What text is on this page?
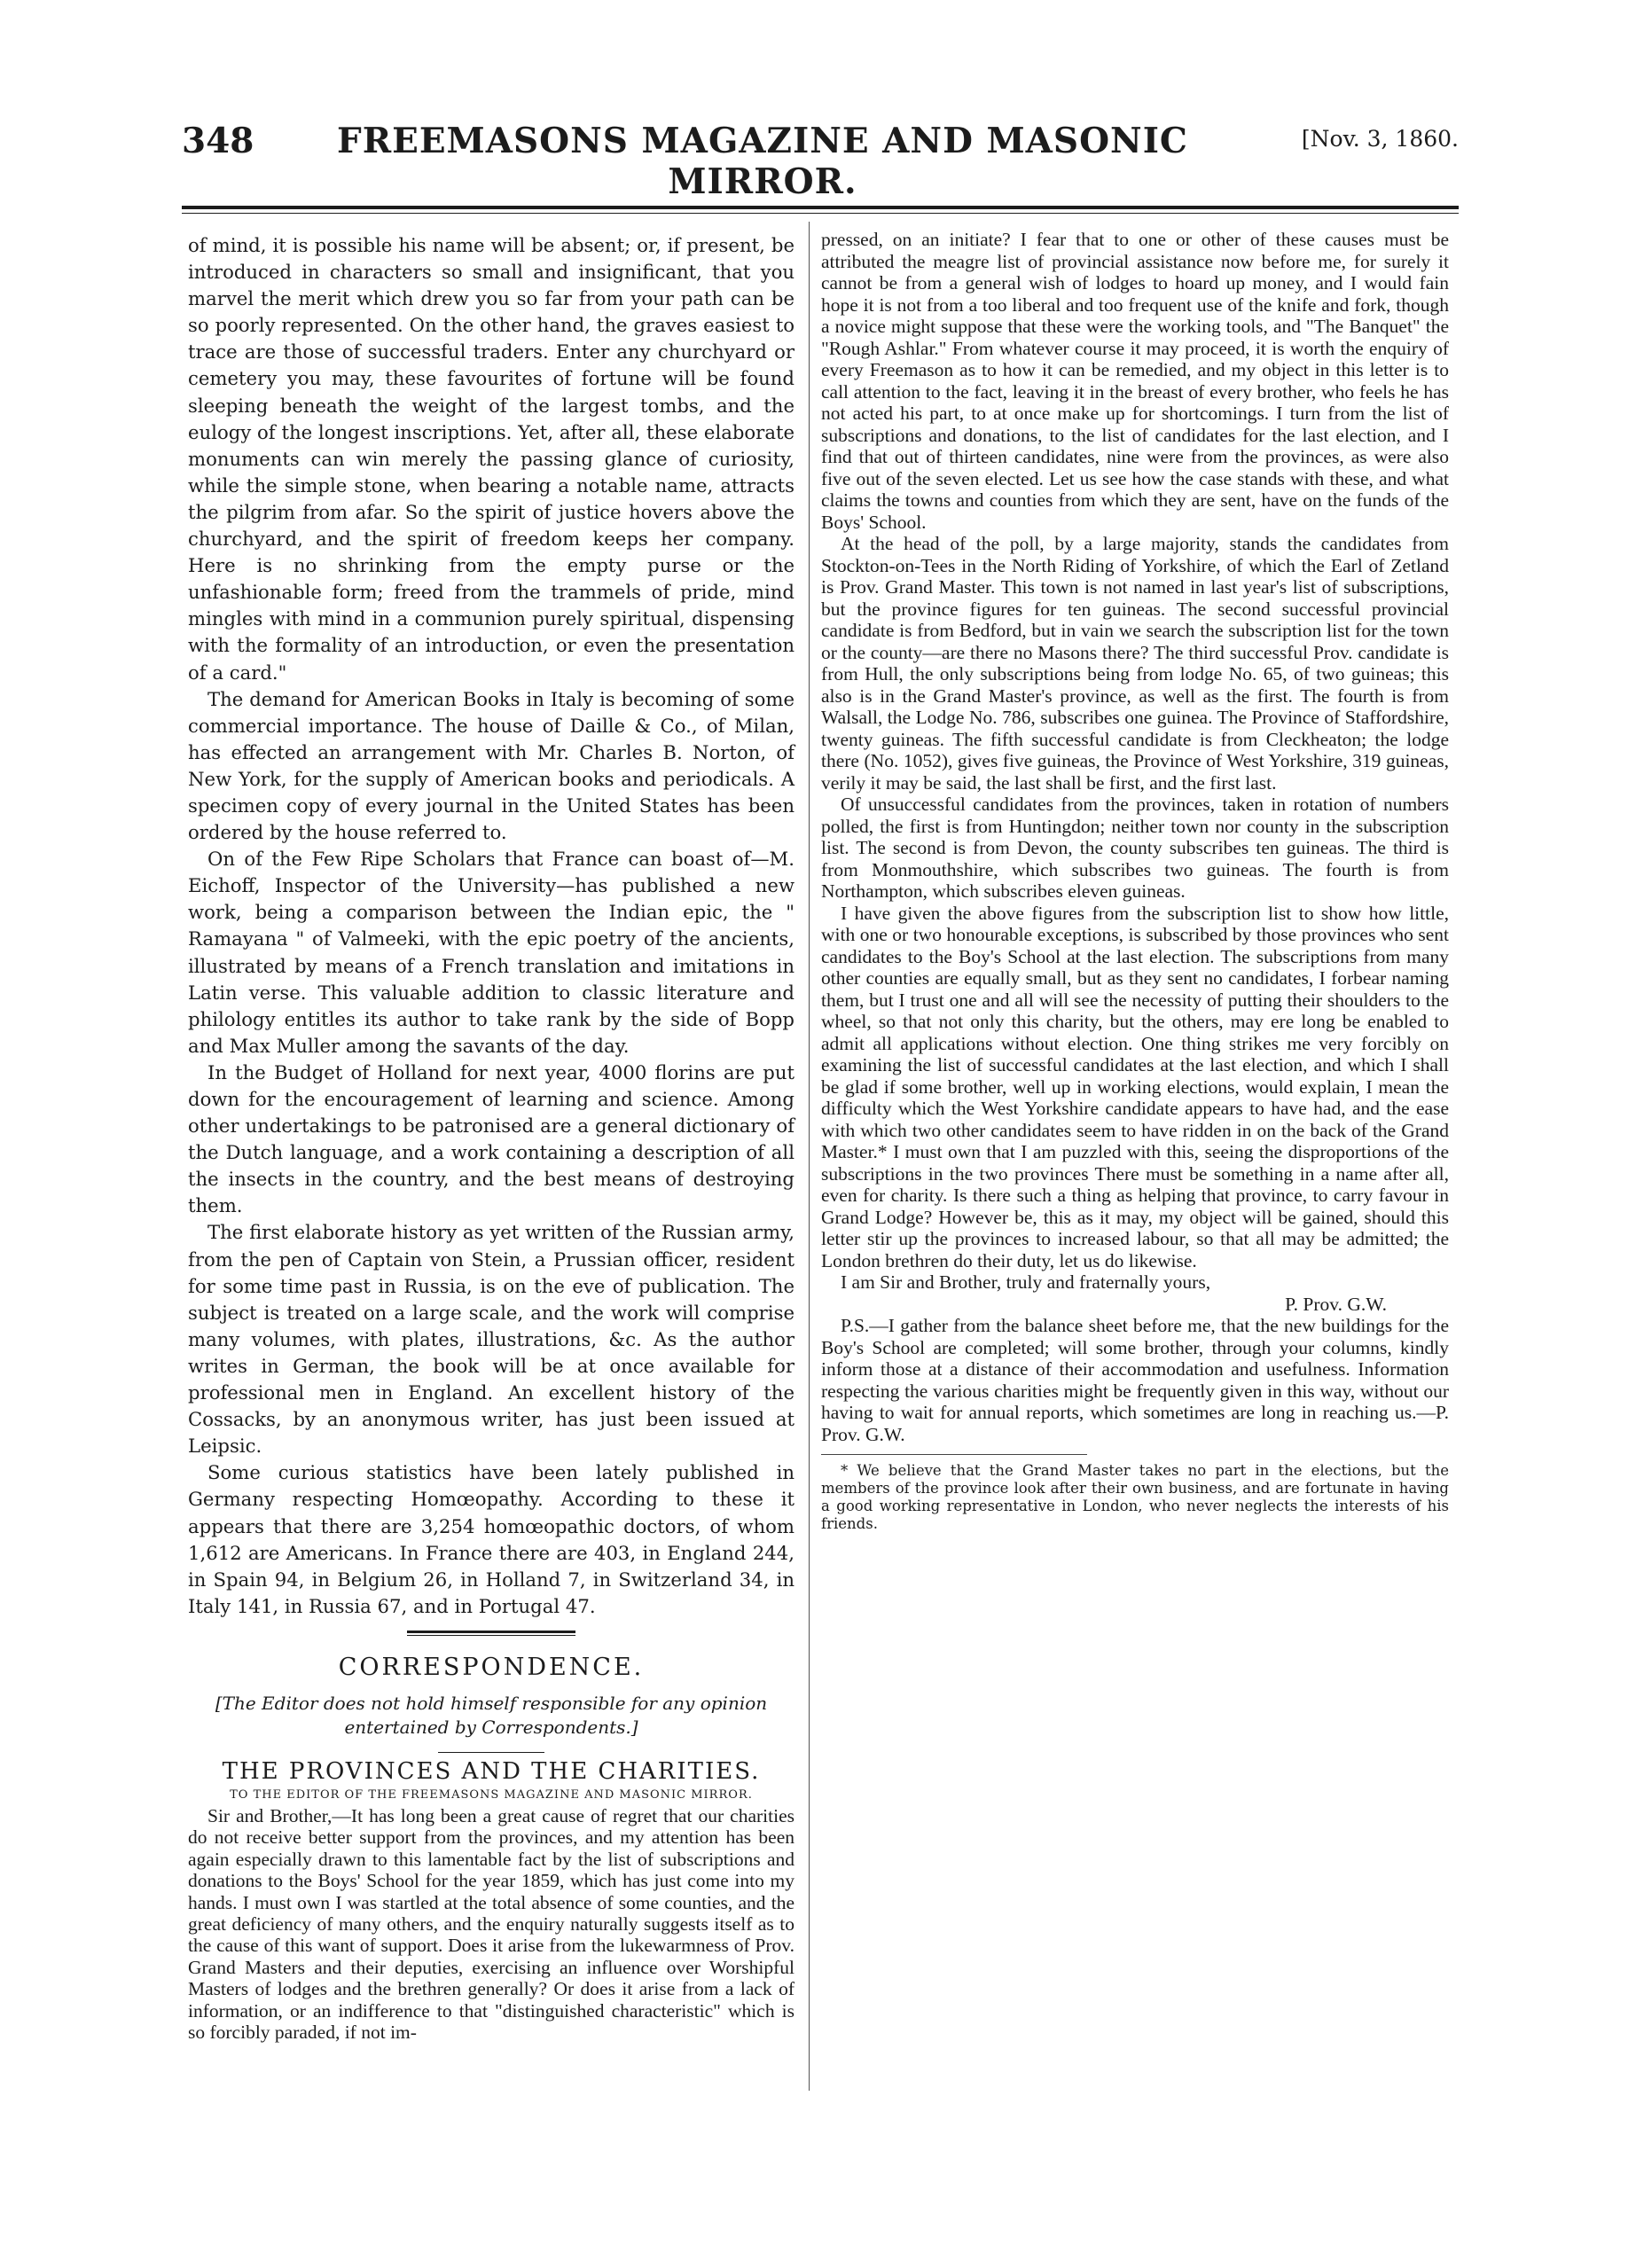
348	FREEMASONS MAGAZINE AND MASONIC MIRROR.
[Nov. 3, 1860.

of mind, it is possible his name will be absent; or, if present, be introduced in characters so small and insignificant, that you marvel the merit which drew you so far from your path can be so poorly represented. On the other hand, the graves easiest to trace are those of successful traders. Enter any churchyard or cemetery you may, these favourites of fortune will be found sleeping beneath the weight of the largest tombs, and the eulogy of the longest inscriptions. Yet, after all, these elaborate monuments can win merely the passing glance of curiosity, while the simple stone, when bearing a notable name, attracts the pilgrim from afar. So the spirit of justice hovers above the churchyard, and the spirit of freedom keeps her company. Here is no shrinking from the empty purse or the unfashionable form; freed from the trammels of pride, mind mingles with mind in a communion purely spiritual, dispensing with the formality of an introduction, or even the presentation of a card."

The demand for American Books in Italy is becoming of some commercial importance. The house of Daille & Co., of Milan, has effected an arrangement with Mr. Charles B. Norton, of New York, for the supply of American books and periodicals. A specimen copy of every journal in the United States has been ordered by the house referred to.

On of the Few Ripe Scholars that France can boast of—M. Eichoff, Inspector of the University—has published a new work, being a comparison between the Indian epic, the " Ramayana " of Valmeeki, with the epic poetry of the ancients, illustrated by means of a French translation and imitations in Latin verse. This valuable addition to classic literature and philology entitles its author to take rank by the side of Bopp and Max Muller among the savants of the day.

In the Budget of Holland for next year, 4000 florins are put down for the encouragement of learning and science. Among other undertakings to be patronised are a general dictionary of the Dutch language, and a work containing a description of all the insects in the country, and the best means of destroying them.

The first elaborate history as yet written of the Russian army, from the pen of Captain von Stein, a Prussian officer, resident for some time past in Russia, is on the eve of publication. The subject is treated on a large scale, and the work will comprise many volumes, with plates, illustrations, &c. As the author writes in German, the book will be at once available for professional men in England. An excellent history of the Cossacks, by an anonymous writer, has just been issued at Leipsic.

Some curious statistics have been lately published in Germany respecting Homœopathy. According to these it appears that there are 3,254 homœopathic doctors, of whom 1,612 are Americans. In France there are 403, in England 244, in Spain 94, in Belgium 26, in Holland 7, in Switzerland 34, in Italy 141, in Russia 67, and in Portugal 47.

CORRESPONDENCE.
[The Editor does not hold himself responsible for any opinion entertained by Correspondents.]
THE PROVINCES AND THE CHARITIES.
TO THE EDITOR OF THE FREEMASONS MAGAZINE AND MASONIC MIRROR.

Sir and Brother,—It has long been a great cause of regret that our charities do not receive better support from the provinces, and my attention has been again especially drawn to this lamentable fact by the list of subscriptions and donations to the Boys' School for the year 1859, which has just come into my hands. I must own I was startled at the total absence of some counties, and the great deficiency of many others, and the enquiry naturally suggests itself as to the cause of this want of support. Does it arise from the lukewarmness of Prov. Grand Masters and their deputies, exercising an influence over Worshipful Masters of lodges and the brethren generally? Or does it arise from a lack of information, or an indifference to that "distinguished characteristic" which is so forcibly paraded, if not im-

pressed, on an initiate? I fear that to one or other of these causes must be attributed the meagre list of provincial assistance now before me, for surely it cannot be from a general wish of lodges to hoard up money, and I would fain hope it is not from a too liberal and too frequent use of the knife and fork, though a novice might suppose that these were the working tools, and "The Banquet" the "Rough Ashlar." From whatever course it may proceed, it is worth the enquiry of every Freemason as to how it can be remedied, and my object in this letter is to call attention to the fact, leaving it in the breast of every brother, who feels he has not acted his part, to at once make up for shortcomings. I turn from the list of subscriptions and donations, to the list of candidates for the last election, and I find that out of thirteen candidates, nine were from the provinces, as were also five out of the seven elected. Let us see how the case stands with these, and what claims the towns and counties from which they are sent, have on the funds of the Boys' School.

At the head of the poll, by a large majority, stands the candidates from Stockton-on-Tees in the North Riding of Yorkshire, of which the Earl of Zetland is Prov. Grand Master. This town is not named in last year's list of subscriptions, but the province figures for ten guineas. The second successful provincial candidate is from Bedford, but in vain we search the subscription list for the town or the county—are there no Masons there? The third successful Prov. candidate is from Hull, the only subscriptions being from lodge No. 65, of two guineas; this also is in the Grand Master's province, as well as the first. The fourth is from Walsall, the Lodge No. 786, subscribes one guinea. The Province of Staffordshire, twenty guineas. The fifth successful candidate is from Cleckheaton; the lodge there (No. 1052), gives five guineas, the Province of West Yorkshire, 319 guineas, verily it may be said, the last shall be first, and the first last.

Of unsuccessful candidates from the provinces, taken in rotation of numbers polled, the first is from Huntingdon; neither town nor county in the subscription list. The second is from Devon, the county subscribes ten guineas. The third is from Monmouthshire, which subscribes two guineas. The fourth is from Northampton, which subscribes eleven guineas.

I have given the above figures from the subscription list to show how little, with one or two honourable exceptions, is subscribed by those provinces who sent candidates to the Boy's School at the last election. The subscriptions from many other counties are equally small, but as they sent no candidates, I forbear naming them, but I trust one and all will see the necessity of putting their shoulders to the wheel, so that not only this charity, but the others, may ere long be enabled to admit all applications without election. One thing strikes me very forcibly on examining the list of successful candidates at the last election, and which I shall be glad if some brother, well up in working elections, would explain, I mean the difficulty which the West Yorkshire candidate appears to have had, and the ease with which two other candidates seem to have ridden in on the back of the Grand Master.* I must own that I am puzzled with this, seeing the disproportions of the subscriptions in the two provinces There must be something in a name after all, even for charity. Is there such a thing as helping that province, to carry favour in Grand Lodge? However be, this as it may, my object will be gained, should this letter stir up the provinces to increased labour, so that all may be admitted; the London brethren do their duty, let us do likewise.

I am Sir and Brother, truly and fraternally yours,

P. Prov. G.W.

P.S.—I gather from the balance sheet before me, that the new buildings for the Boy's School are completed; will some brother, through your columns, kindly inform those at a distance of their accommodation and usefulness. Information respecting the various charities might be frequently given in this way, without our having to wait for annual reports, which sometimes are long in reaching us.—P. Prov. G.W.

* We believe that the Grand Master takes no part in the elections, but the members of the province look after their own business, and are fortunate in having a good working representative in London, who never neglects the interests of his friends.
